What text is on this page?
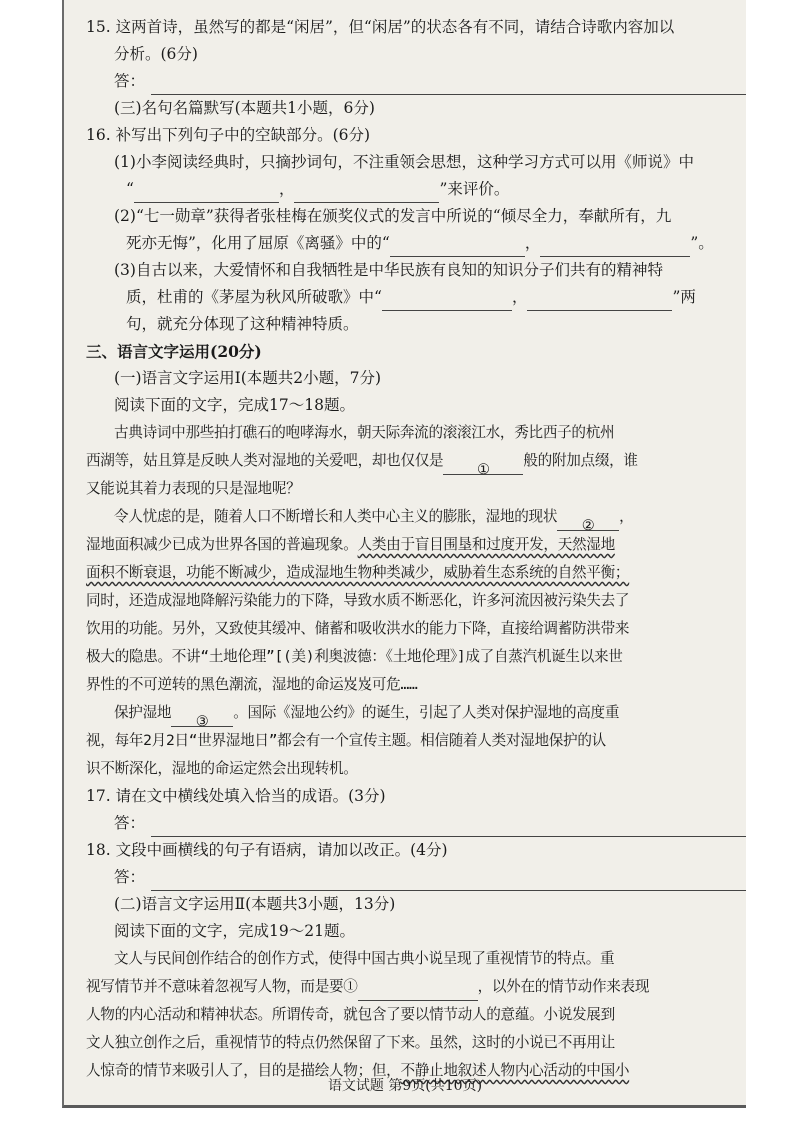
15. 这两首诗，虽然写的都是“闲居”，但“闲居”的状态各有不同，请结合诗歌内容加以
分析。(6分)
答：
(三)名句名篇默写(本题共1小题，6分)
16. 补写出下列句子中的空缺部分。(6分)
(1)小李阅读经典时，只摘抄词句，不注重领会思想，这种学习方式可以用《师说》中
“	，	”来评价。
(2)“七一勋章”获得者张桂梅在颁奖仪式的发言中所说的“倾尽全力，奉献所有，九
死亦无悔”，化用了屈原《离骚》中的“	，	”。
(3)自古以来，大爱情怀和自我牺牲是中华民族有良知的知识分子们共有的精神特
质，杜甫的《茅屋为秋风所破歌》中“	，	”两
句，就充分体现了这种精神特质。
三、语言文字运用(20分)
(一)语言文字运用Ⅰ(本题共2小题，7分)
阅读下面的文字，完成17～18题。
古典诗词中那些拍打礁石的咆哮海水，朝天际奔流的滚滚江水，秀比西子的杭州
西湖等，姑且算是反映人类对湿地的关爱吧，却也仅仅是①般的附加点缀，谁
又能说其着力表现的只是湿地呢？
令人忧虑的是，随着人口不断增长和人类中心主义的膨胀，湿地的现状②，
湿地面积减少已成为世界各国的普遍现象。人类由于盲目围垦和过度开发，天然湿地
面积不断衰退，功能不断减少，造成湿地生物种类减少，威胁着生态系统的自然平衡；
同时，还造成湿地降解污染能力的下降，导致水质不断恶化，许多河流因被污染失去了
饮用的功能。另外，又致使其缓冲、储蓄和吸收洪水的能力下降，直接给调蓄防洪带来
极大的隐患。不讲“土地伦理”[(美)利奥波德：《土地伦理》]成了自蒸汽机诞生以来世
界性的不可逆转的黑色潮流，湿地的命运岌岌可危……
保护湿地③。国际《湿地公约》的诞生，引起了人类对保护湿地的高度重
视，每年2月2日“世界湿地日”都会有一个宣传主题。相信随着人类对湿地保护的认
识不断深化，湿地的命运定然会出现转机。
17. 请在文中横线处填入恰当的成语。(3分)
答：
18. 文段中画横线的句子有语病，请加以改正。(4分)
答：
(二)语言文字运用Ⅱ(本题共3小题，13分)
阅读下面的文字，完成19～21题。
文人与民间创作结合的创作方式，使得中国古典小说呈现了重视情节的特点。重
视写情节并不意味着忽视写人物，而是要①	，以外在的情节动作来表现
人物的内心活动和精神状态。所谓传奇，就包含了要以情节动人的意蕴。小说发展到
文人独立创作之后，重视情节的特点仍然保留了下来。虽然，这时的小说已不再用让
人惊奇的情节来吸引人了，目的是描绘人物；但，不静止地叙述人物内心活动的中国小
语文试题 第9页(共10页)
